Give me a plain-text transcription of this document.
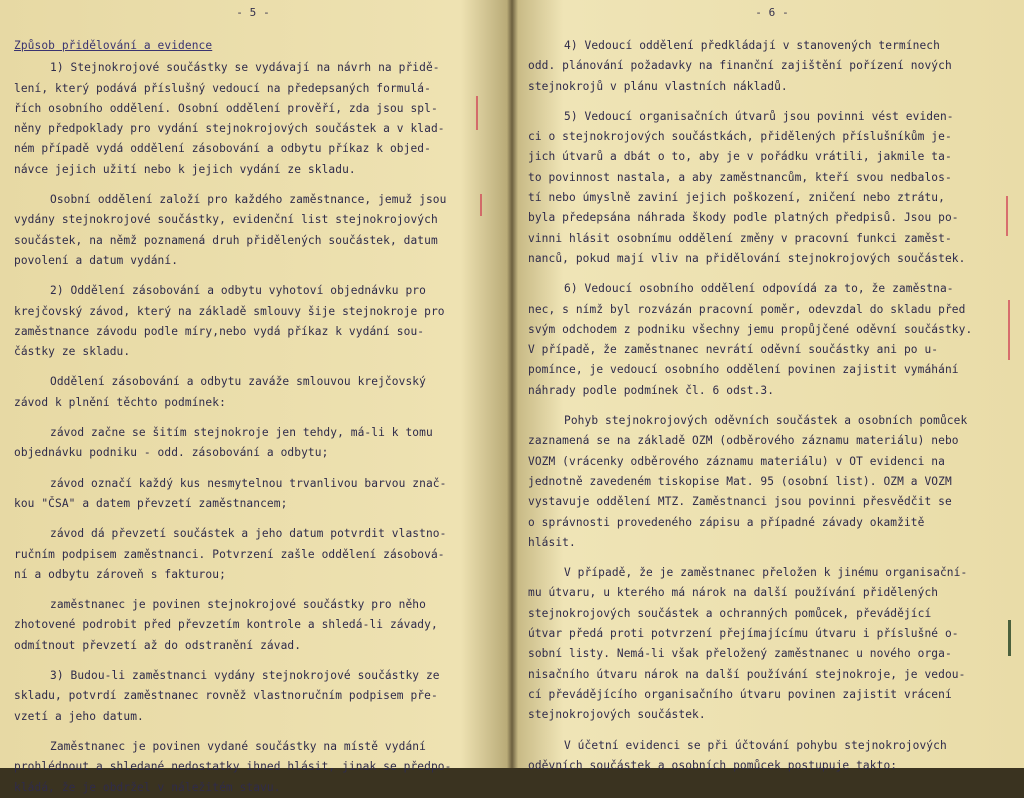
- 5 -
Způsob přidělování a evidence
1) Stejnokrojové součástky se vydávají na návrh na přidě-
lení, který podává příslušný vedoucí na předepsaných formulá-
řích osobního oddělení. Osobní oddělení prověří, zda jsou spl-
něny předpoklady pro vydání stejnokrojových součástek a v klad-
ném případě vydá oddělení zásobování a odbytu příkaz k objed-
návce jejich užití nebo k jejich vydání ze skladu.
Osobní oddělení založí pro každého zaměstnance, jemuž jsou
vydány stejnokrojové součástky, evidenční list stejnokrojových
součástek, na němž poznamená druh přidělených součástek, datum
povolení a datum vydání.
2) Oddělení zásobování a odbytu vyhotoví objednávku pro
krejčovský závod, který na základě smlouvy šije stejnokroje pro
zaměstnance závodu podle míry,nebo vydá příkaz k vydání sou-
částky ze skladu.
Oddělení zásobování a odbytu zaváže smlouvou krejčovský
závod k plnění těchto podmínek:
závod začne se šitím stejnokroje jen tehdy, má-li k tomu
objednávku podniku - odd. zásobování a odbytu;
závod označí každý kus nesmytelnou trvanlivou barvou znač-
kou "ČSA" a datem převzetí zaměstnancem;
závod dá převzetí součástek a jeho datum potvrdit vlastno-
ručním podpisem zaměstnanci. Potvrzení zašle oddělení zásobová-
ní a odbytu zároveň s fakturou;
zaměstnanec je povinen stejnokrojové součástky pro něho
zhotovené podrobit před převzetím kontrole a shledá-li závady,
odmítnout převzetí až do odstranění závad.
3) Budou-li zaměstnanci vydány stejnokrojové součástky ze
skladu, potvrdí zaměstnanec rovněž vlastnoručním podpisem pře-
vzetí a jeho datum.
Zaměstnanec je povinen vydané součástky na místě vydání
prohlédnout a shledané nedostatky ihned hlásit, jinak se předpo-
kládá, že je obdržel v náležitém stavu.
- 6 -
4) Vedoucí oddělení předkládají v stanovených termínech
odd. plánování požadavky na finanční zajištění pořízení nových
stejnokrojů v plánu vlastních nákladů.
5) Vedoucí organisačních útvarů jsou povinni vést eviden-
ci o stejnokrojových součástkách, přidělených příslušníkům je-
jich útvarů a dbát o to, aby je v pořádku vrátili, jakmile ta-
to povinnost nastala, a aby zaměstnancům, kteří svou nedbalos-
tí nebo úmyslně zaviní jejich poškození, zničení nebo ztrátu,
byla předepsána náhrada škody podle platných předpisů. Jsou po-
vinni hlásit osobnímu oddělení změny v pracovní funkci zaměst-
nanců, pokud mají vliv na přidělování stejnokrojových součástek.
6) Vedoucí osobního oddělení odpovídá za to, že zaměstna-
nec, s nímž byl rozvázán pracovní poměr, odevzdal do skladu před
svým odchodem z podniku všechny jemu propůjčené oděvní součástky.
V případě, že zaměstnanec nevrátí oděvní součástky ani po u-
pomínce, je vedoucí osobního oddělení povinen zajistit vymáhání
náhrady podle podmínek čl. 6 odst.3.
Pohyb stejnokrojových oděvních součástek a osobních pomůcek
zaznamená se na základě OZM (odběrového záznamu materiálu) nebo
VOZM (vrácenky odběrového záznamu materiálu) v OT evidenci na
jednotně zavedeném tiskopise Mat. 95 (osobní list). OZM a VOZM
vystavuje oddělení MTZ. Zaměstnanci jsou povinni přesvědčit se
o správnosti provedeného zápisu a případné závady okamžitě
hlásit.
V případě, že je zaměstnanec přeložen k jinému organisační-
mu útvaru, u kterého má nárok na další používání přidělených
stejnokrojových součástek a ochranných pomůcek, převádějící
útvar předá proti potvrzení přejímajícímu útvaru i příslušné o-
sobní listy. Nemá-li však přeložený zaměstnanec u nového orga-
nisačního útvaru nárok na další používání stejnokroje, je vedou-
cí převádějícího organisačního útvaru povinen zajistit vrácení
stejnokrojových součástek.
V účetní evidenci se při účtování pohybu stejnokrojových
oděvních součástek a osobních pomůcek postupuje takto:
